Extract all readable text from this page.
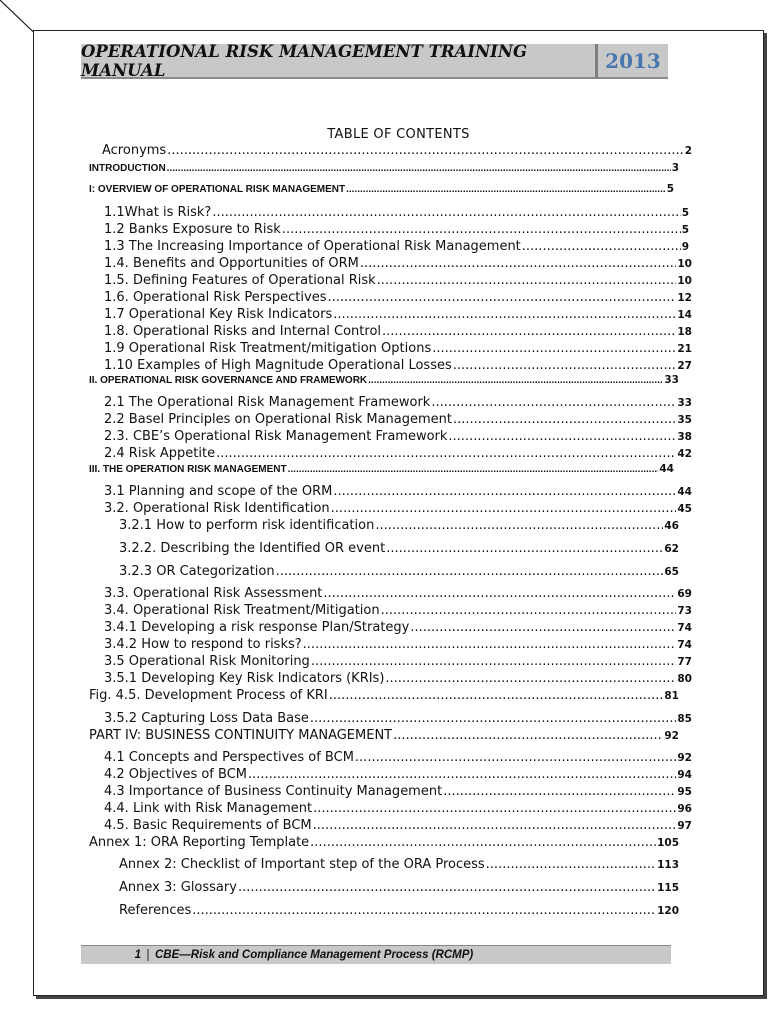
OPERATIONAL RISK MANAGEMENT TRAINING MANUAL	2013
TABLE OF CONTENTS
Acronyms .....	2
INTRODUCTION .....	3
I: OVERVIEW OF OPERATIONAL RISK MANAGEMENT .....	5
1.1What is Risk? .....	5
1.2 Banks Exposure to Risk .....	5
1.3 The Increasing Importance of Operational Risk Management .....	9
1.4. Benefits and Opportunities of ORM .....	10
1.5. Defining Features of Operational Risk .....	10
1.6. Operational Risk Perspectives .....	12
1.7 Operational Key Risk Indicators .....	14
1.8. Operational Risks and Internal Control .....	18
1.9 Operational Risk Treatment/mitigation Options .....	21
1.10 Examples of High Magnitude Operational Losses .....	27
II. OPERATIONAL RISK GOVERNANCE AND FRAMEWORK .....	33
2.1 The Operational Risk Management Framework .....	33
2.2 Basel Principles on Operational Risk Management .....	35
2.3. CBE’s Operational Risk Management Framework .....	38
2.4 Risk Appetite .....	42
III. THE OPERATION RISK MANAGEMENT .....	44
3.1 Planning and scope of the ORM .....	44
3.2. Operational Risk Identification .....	45
3.2.1 How to perform risk identification .....	46
3.2.2. Describing the Identified OR event .....	62
3.2.3 OR Categorization .....	65
3.3. Operational Risk Assessment .....	69
3.4. Operational Risk Treatment/Mitigation .....	73
3.4.1 Developing a risk response Plan/Strategy .....	74
3.4.2 How to respond to risks? .....	74
3.5 Operational Risk Monitoring .....	77
3.5.1 Developing Key Risk Indicators (KRIs) .....	80
Fig. 4.5. Development Process of KRI .....	81
3.5.2 Capturing Loss Data Base .....	85
PART IV: BUSINESS CONTINUITY MANAGEMENT .....	92
4.1 Concepts and Perspectives of BCM .....	92
4.2 Objectives of BCM .....	94
4.3 Importance of Business Continuity Management .....	95
4.4. Link with Risk Management .....	96
4.5. Basic Requirements of BCM .....	97
Annex 1: ORA Reporting Template .....	105
Annex 2: Checklist of Important step of the ORA Process .....	113
Annex 3: Glossary .....	115
References .....	120
1	CBE—Risk and Compliance Management Process (RCMP)
